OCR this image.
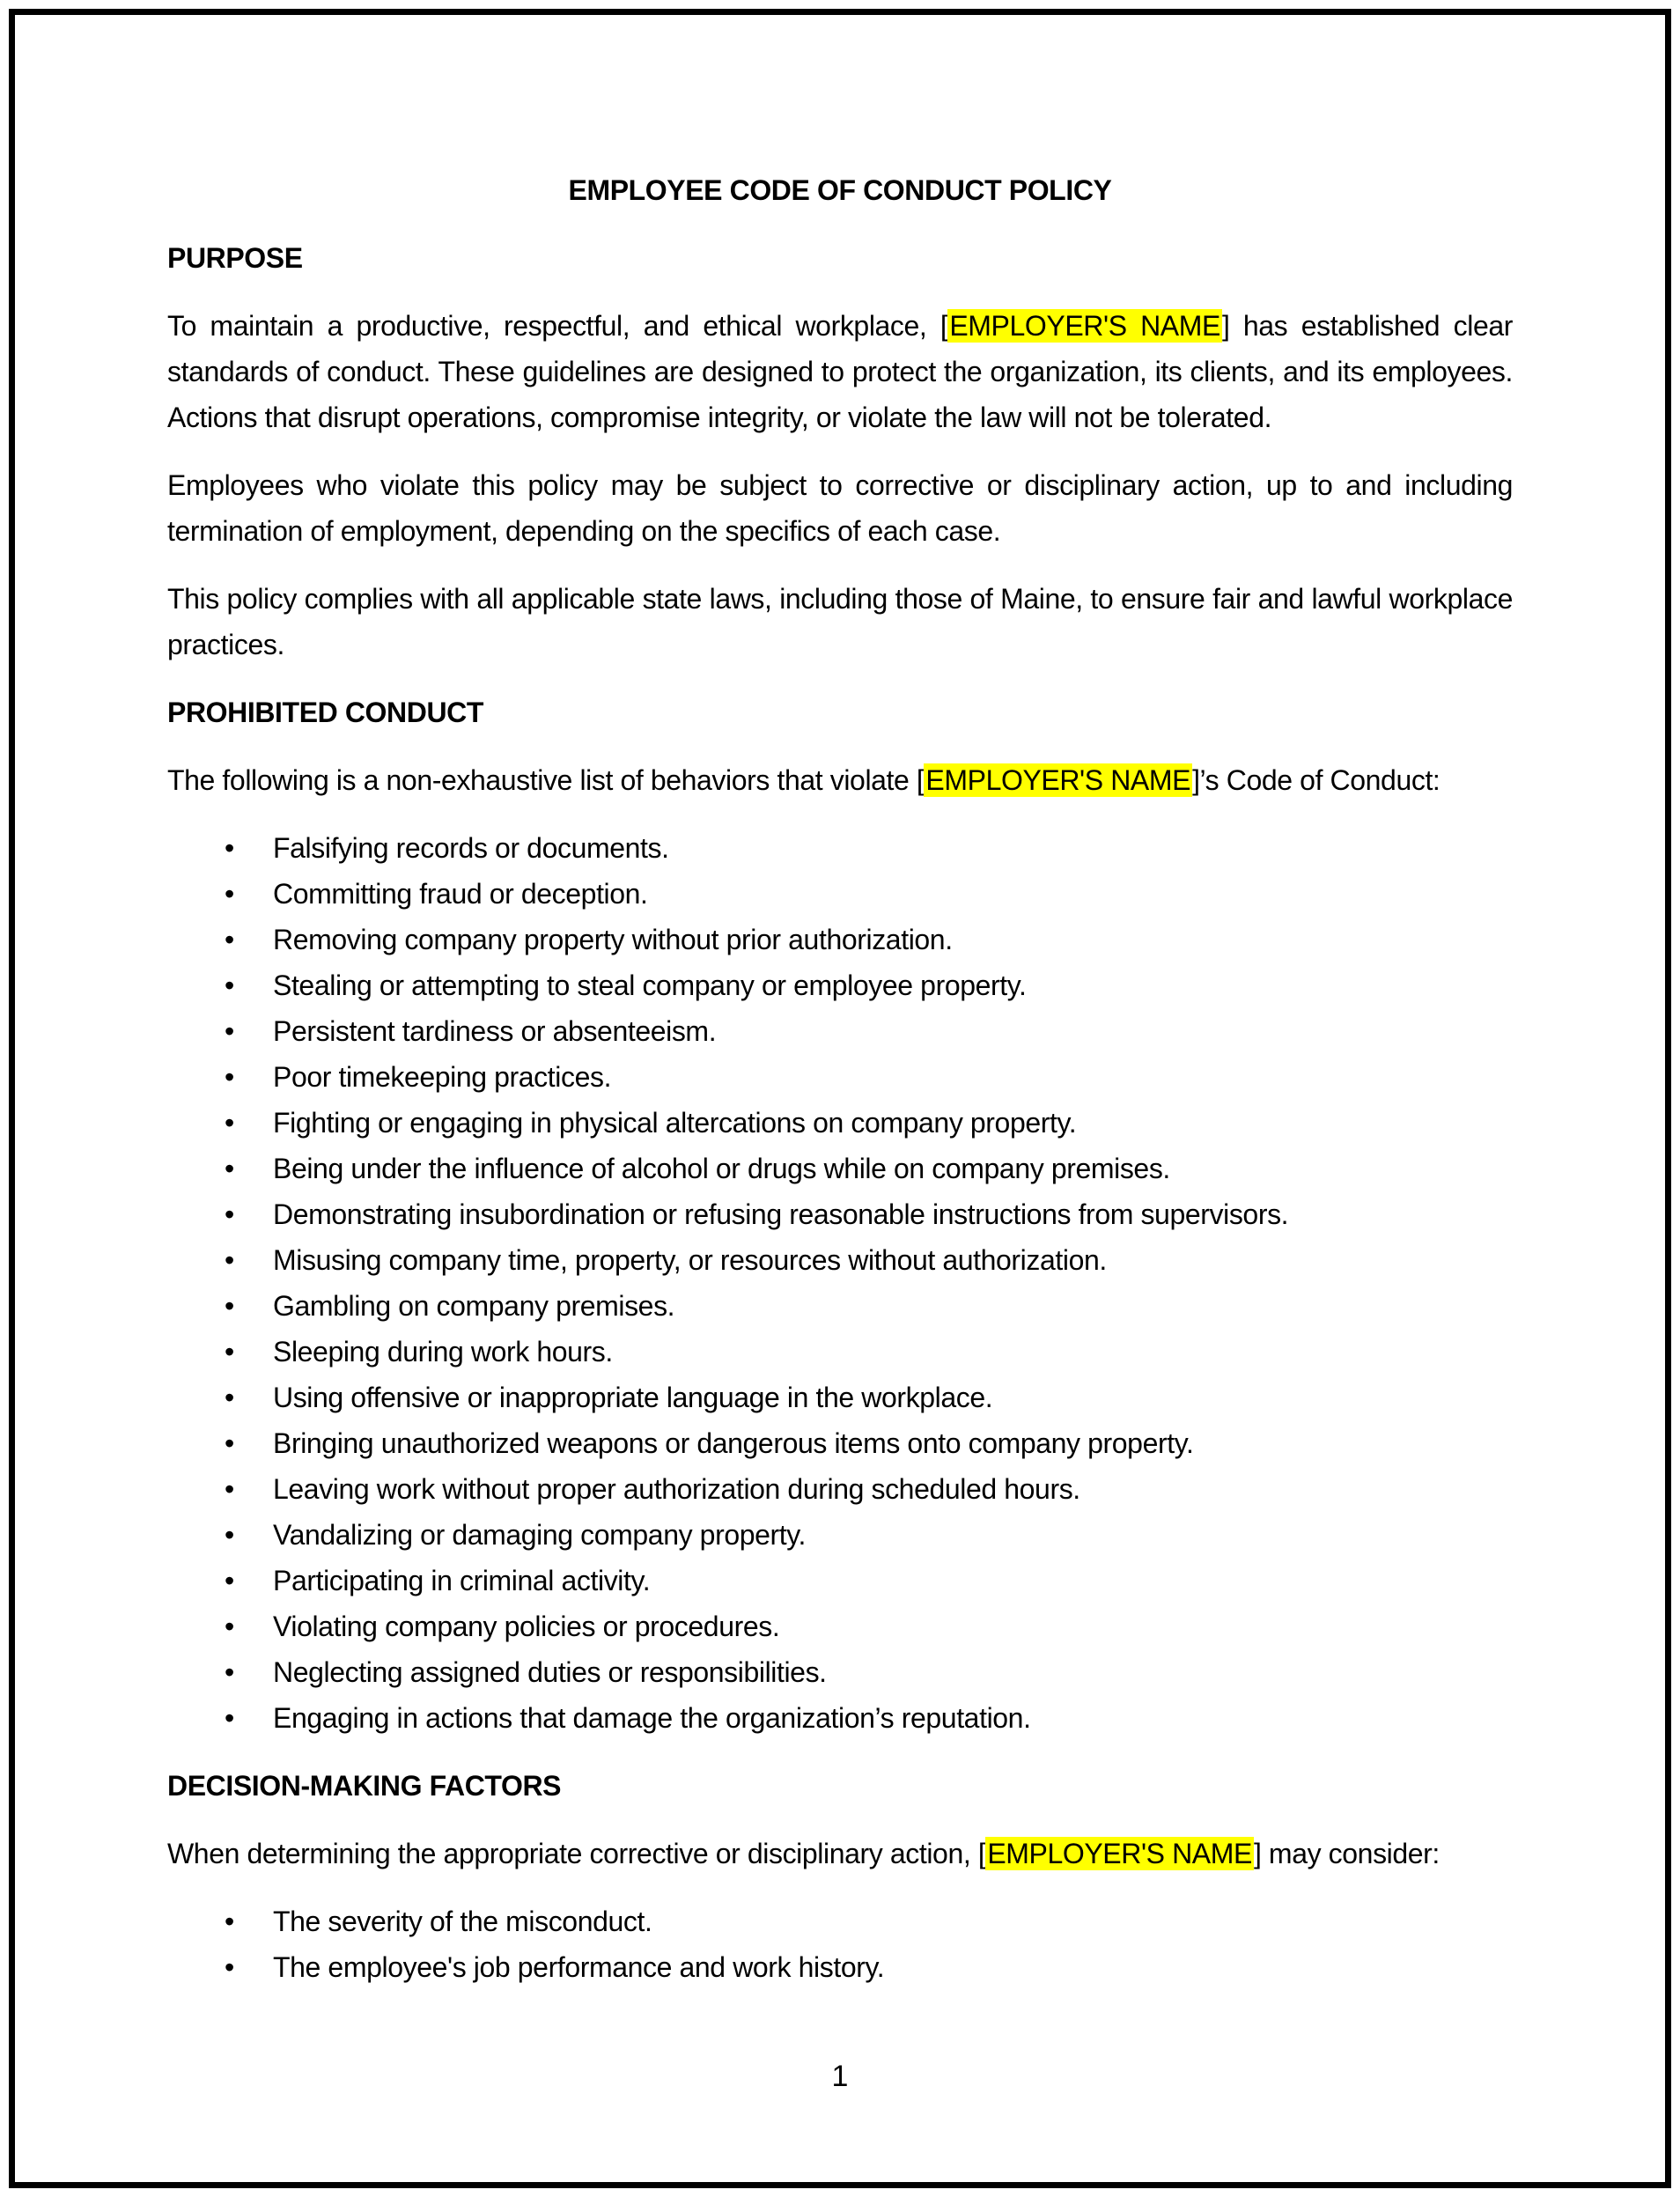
EMPLOYEE CODE OF CONDUCT POLICY
PURPOSE

To maintain a productive, respectful, and ethical workplace, [EMPLOYER'S NAME] has established clear standards of conduct. These guidelines are designed to protect the organization, its clients, and its employees. Actions that disrupt operations, compromise integrity, or violate the law will not be tolerated.

Employees who violate this policy may be subject to corrective or disciplinary action, up to and including termination of employment, depending on the specifics of each case.

This policy complies with all applicable state laws, including those of Maine, to ensure fair and lawful workplace practices.

PROHIBITED CONDUCT

The following is a non-exhaustive list of behaviors that violate [EMPLOYER'S NAME]’s Code of Conduct:

• Falsifying records or documents.
• Committing fraud or deception.
• Removing company property without prior authorization.
• Stealing or attempting to steal company or employee property.
• Persistent tardiness or absenteeism.
• Poor timekeeping practices.
• Fighting or engaging in physical altercations on company property.
• Being under the influence of alcohol or drugs while on company premises.
• Demonstrating insubordination or refusing reasonable instructions from supervisors.
• Misusing company time, property, or resources without authorization.
• Gambling on company premises.
• Sleeping during work hours.
• Using offensive or inappropriate language in the workplace.
• Bringing unauthorized weapons or dangerous items onto company property.
• Leaving work without proper authorization during scheduled hours.
• Vandalizing or damaging company property.
• Participating in criminal activity.
• Violating company policies or procedures.
• Neglecting assigned duties or responsibilities.
• Engaging in actions that damage the organization’s reputation.
DECISION-MAKING FACTORS

When determining the appropriate corrective or disciplinary action, [EMPLOYER'S NAME] may consider:

• The severity of the misconduct.
• The employee's job performance and work history.
1
